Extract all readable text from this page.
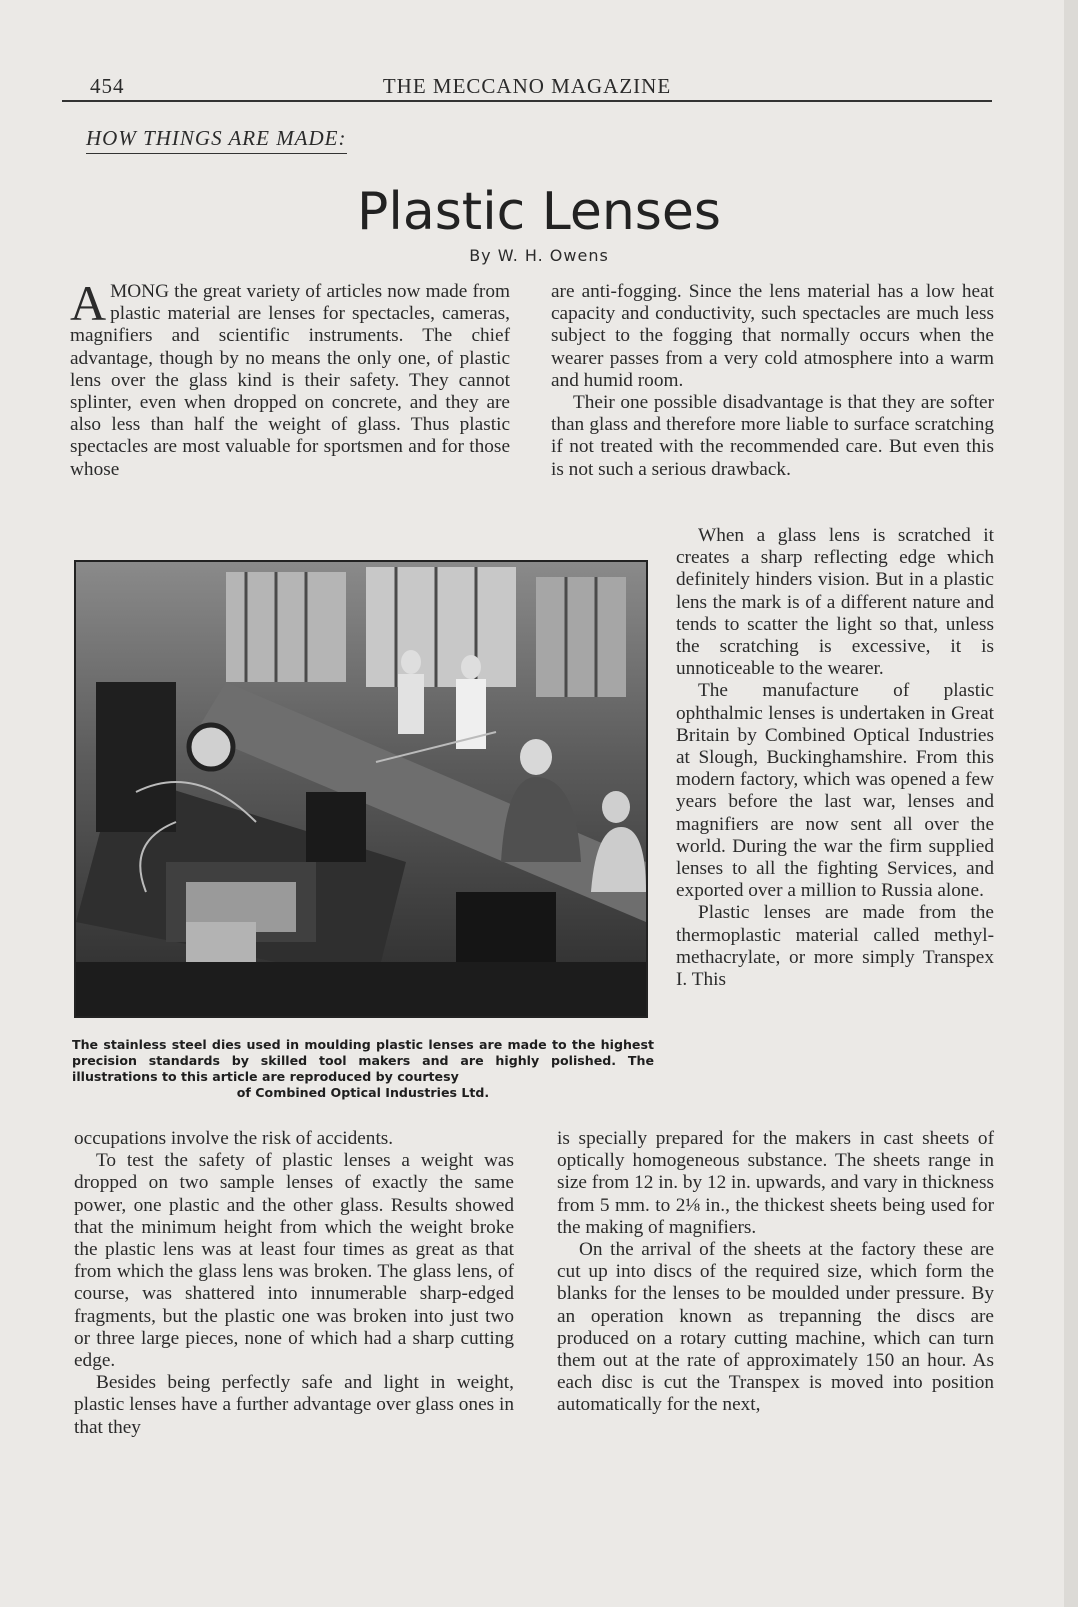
454	THE MECCANO MAGAZINE
HOW THINGS ARE MADE:
Plastic Lenses
By W. H. Owens

AMONG the great variety of articles now made from plastic material are lenses for spectacles, cameras, magnifiers and scientific instruments. The chief advantage, though by no means the only one, of plastic lens over the glass kind is their safety. They cannot splinter, even when dropped on concrete, and they are also less than half the weight of glass. Thus plastic spectacles are most valuable for sportsmen and for those whose

are anti-fogging. Since the lens material has a low heat capacity and conductivity, such spectacles are much less subject to the fogging that normally occurs when the wearer passes from a very cold atmosphere into a warm and humid room.

Their one possible disadvantage is that they are softer than glass and therefore more liable to surface scratching if not treated with the recommended care. But even this is not such a serious drawback.

The stainless steel dies used in moulding plastic lenses are made to the highest precision standards by skilled tool makers and are highly polished. The illustrations to this article are reproduced by courtesy
of Combined Optical Industries Ltd.

When a glass lens is scratched it creates a sharp reflecting edge which definitely hinders vision. But in a plastic lens the mark is of a different nature and tends to scatter the light so that, unless the scratching is excessive, it is unnoticeable to the wearer.

The manufacture of plastic ophthalmic lenses is undertaken in Great Britain by Combined Optical Industries at Slough, Buckinghamshire. From this modern factory, which was opened a few years before the last war, lenses and magnifiers are now sent all over the world. During the war the firm supplied lenses to all the fighting Services, and exported over a million to Russia alone.

Plastic lenses are made from the thermoplastic material called methyl-methacrylate, or more simply Transpex I. This

occupations involve the risk of accidents.

To test the safety of plastic lenses a weight was dropped on two sample lenses of exactly the same power, one plastic and the other glass. Results showed that the minimum height from which the weight broke the plastic lens was at least four times as great as that from which the glass lens was broken. The glass lens, of course, was shattered into innumerable sharp-edged fragments, but the plastic one was broken into just two or three large pieces, none of which had a sharp cutting edge.

Besides being perfectly safe and light in weight, plastic lenses have a further advantage over glass ones in that they

is specially prepared for the makers in cast sheets of optically homogeneous substance. The sheets range in size from 12 in. by 12 in. upwards, and vary in thickness from 5 mm. to 2⅛ in., the thickest sheets being used for the making of magnifiers.

On the arrival of the sheets at the factory these are cut up into discs of the required size, which form the blanks for the lenses to be moulded under pressure. By an operation known as trepanning the discs are produced on a rotary cutting machine, which can turn them out at the rate of approximately 150 an hour. As each disc is cut the Transpex is moved into position automatically for the next,
